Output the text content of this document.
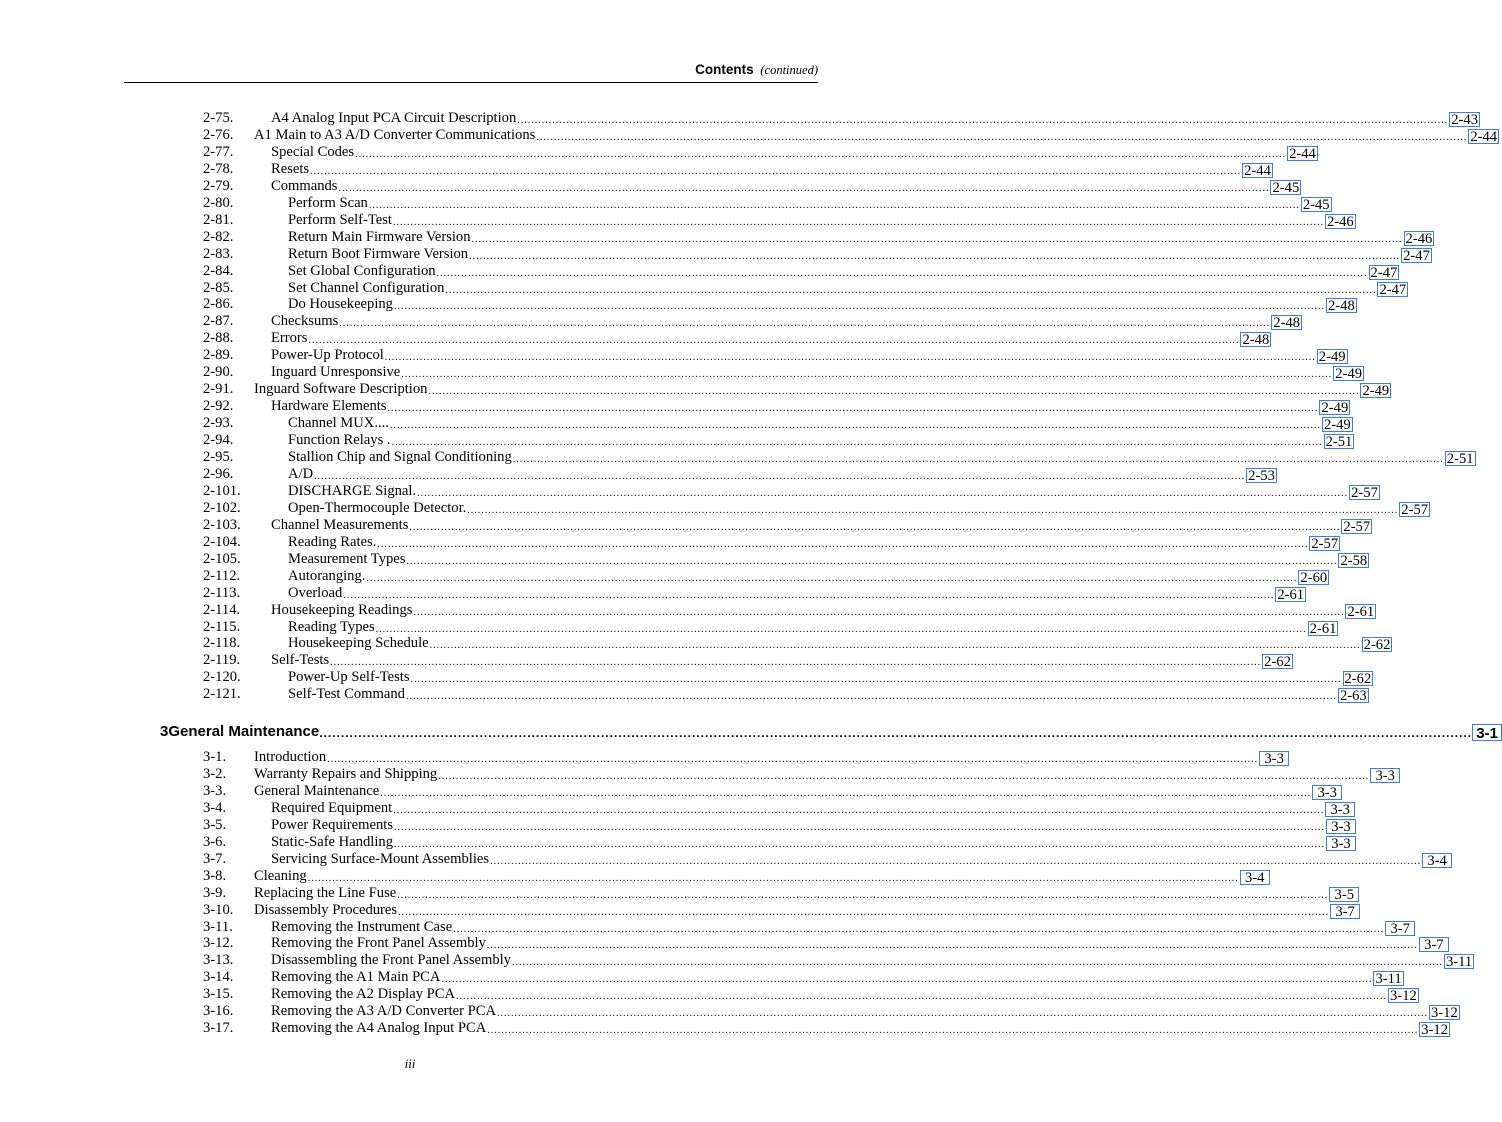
Contents (continued)
2-75.	A4 Analog Input PCA Circuit Description .......................................................................................................................................................................................................................................................................... 2-43
2-76. A1 Main to A3 A/D Converter Communications .......................................................................................................................................................................................................................................................................... 2-44
2-77.	Special Codes .......................................................................................................................................................................................................................................................................... 2-44
2-78.	Resets .......................................................................................................................................................................................................................................................................... 2-44
2-79.	Commands .......................................................................................................................................................................................................................................................................... 2-45
2-80.	Perform Scan .......................................................................................................................................................................................................................................................................... 2-45
2-81.	Perform Self-Test .......................................................................................................................................................................................................................................................................... 2-46
2-82.	Return Main Firmware Version .......................................................................................................................................................................................................................................................................... 2-46
2-83.	Return Boot Firmware Version .......................................................................................................................................................................................................................................................................... 2-47
2-84.	Set Global Configuration .......................................................................................................................................................................................................................................................................... 2-47
2-85.	Set Channel Configuration .......................................................................................................................................................................................................................................................................... 2-47
2-86.	Do Housekeeping .......................................................................................................................................................................................................................................................................... 2-48
2-87.	Checksums .......................................................................................................................................................................................................................................................................... 2-48
2-88.	Errors .......................................................................................................................................................................................................................................................................... 2-48
2-89.	Power-Up Protocol .......................................................................................................................................................................................................................................................................... 2-49
2-90.	Inguard Unresponsive .......................................................................................................................................................................................................................................................................... 2-49
2-91. Inguard Software Description .......................................................................................................................................................................................................................................................................... 2-49
2-92.	Hardware Elements .......................................................................................................................................................................................................................................................................... 2-49
2-93.	Channel MUX.... .......................................................................................................................................................................................................................................................................... 2-49
2-94.	Function Relays . .......................................................................................................................................................................................................................................................................... 2-51
2-95.	Stallion Chip and Signal Conditioning .......................................................................................................................................................................................................................................................................... 2-51
2-96.	A/D .......................................................................................................................................................................................................................................................................... 2-53
2-101.	DISCHARGE Signal. .......................................................................................................................................................................................................................................................................... 2-57
2-102.	Open-Thermocouple Detector. .......................................................................................................................................................................................................................................................................... 2-57
2-103. Channel Measurements .......................................................................................................................................................................................................................................................................... 2-57
2-104.	Reading Rates. .......................................................................................................................................................................................................................................................................... 2-57
2-105.	Measurement Types .......................................................................................................................................................................................................................................................................... 2-58
2-112.	Autoranging. .......................................................................................................................................................................................................................................................................... 2-60
2-113.	Overload .......................................................................................................................................................................................................................................................................... 2-61
2-114. Housekeeping Readings .......................................................................................................................................................................................................................................................................... 2-61
2-115.	Reading Types .......................................................................................................................................................................................................................................................................... 2-61
2-118.	Housekeeping Schedule .......................................................................................................................................................................................................................................................................... 2-62
2-119. Self-Tests .......................................................................................................................................................................................................................................................................... 2-62
2-120.	Power-Up Self-Tests .......................................................................................................................................................................................................................................................................... 2-62
2-121.	Self-Test Command .......................................................................................................................................................................................................................................................................... 2-63
3 General Maintenance .......................................................................................................................................................................................................................................................................... 3-1
3-1. Introduction .......................................................................................................................................................................................................................................................................... 3-3
3-2. Warranty Repairs and Shipping .......................................................................................................................................................................................................................................................................... 3-3
3-3. General Maintenance .......................................................................................................................................................................................................................................................................... 3-3
3-4.	Required Equipment .......................................................................................................................................................................................................................................................................... 3-3
3-5.	Power Requirements .......................................................................................................................................................................................................................................................................... 3-3
3-6.	Static-Safe Handling .......................................................................................................................................................................................................................................................................... 3-3
3-7.	Servicing Surface-Mount Assemblies .......................................................................................................................................................................................................................................................................... 3-4
3-8. Cleaning .......................................................................................................................................................................................................................................................................... 3-4
3-9. Replacing the Line Fuse .......................................................................................................................................................................................................................................................................... 3-5
3-10. Disassembly Procedures .......................................................................................................................................................................................................................................................................... 3-7
3-11.	Removing the Instrument Case .......................................................................................................................................................................................................................................................................... 3-7
3-12.	Removing the Front Panel Assembly .......................................................................................................................................................................................................................................................................... 3-7
3-13.	Disassembling the Front Panel Assembly .......................................................................................................................................................................................................................................................................... 3-11
3-14.	Removing the A1 Main PCA .......................................................................................................................................................................................................................................................................... 3-11
3-15.	Removing the A2 Display PCA .......................................................................................................................................................................................................................................................................... 3-12
3-16.	Removing the A3 A/D Converter PCA .......................................................................................................................................................................................................................................................................... 3-12
3-17.	Removing the A4 Analog Input PCA .......................................................................................................................................................................................................................................................................... 3-12
iii
